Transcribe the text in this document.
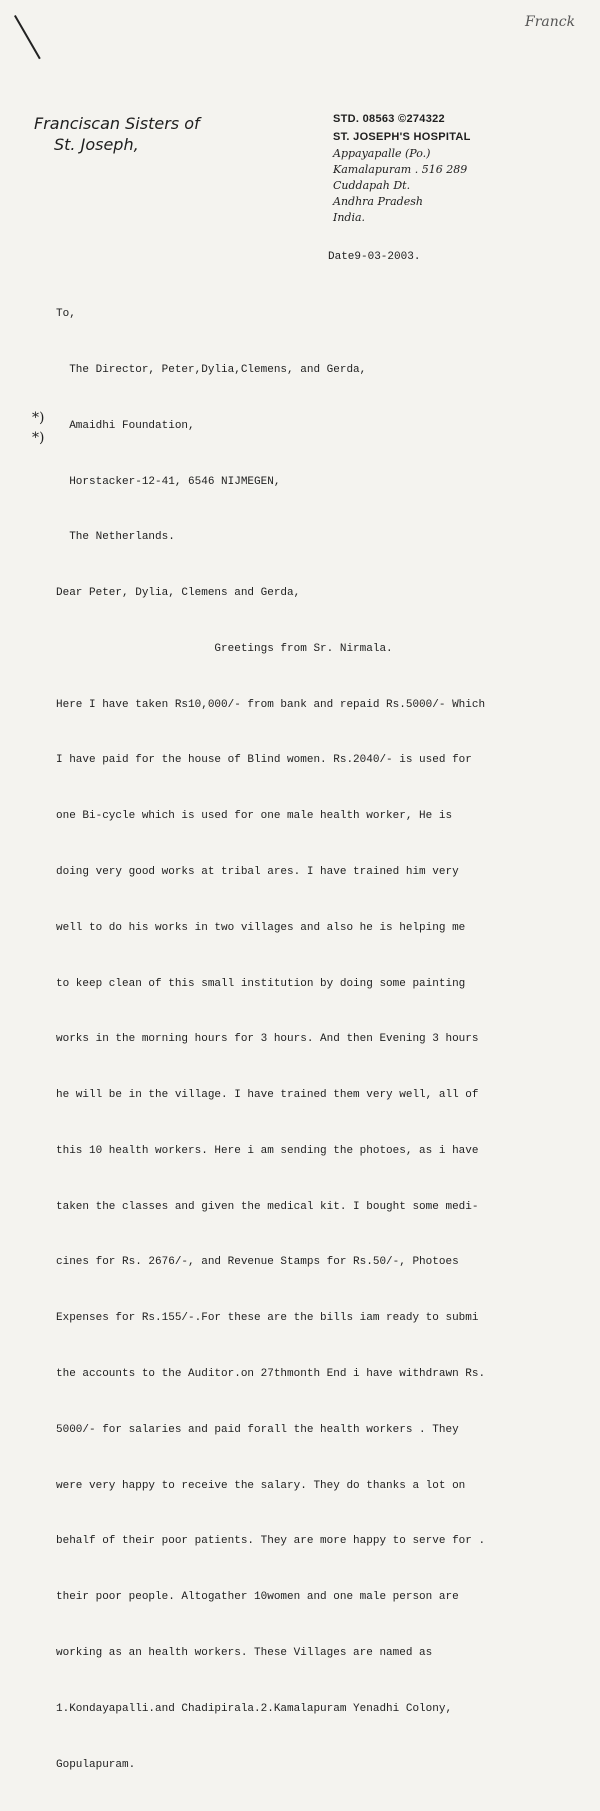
Franck
Franciscan Sisters of
St. Joseph,
STD. 08563 ©274322
ST. JOSEPH'S HOSPITAL
Appayapalle (Po.)
Kamalapuram . 516 289
Cuddapah Dt.
Andhra Pradesh
India.
Date9-03-2003.
*)
*)

To,

The Director, Peter,Dylia,Clemens, and Gerda,

Amaidhi Foundation,

Horstacker-12-41, 6546 NIJMEGEN,

The Netherlands.

Dear Peter, Dylia, Clemens and Gerda,

Greetings from Sr. Nirmala.

Here I have taken Rs10,000/- from bank and repaid Rs.5000/- Which

I have paid for the house of Blind women. Rs.2040/- is used for

one Bi-cycle which is used for one male health worker, He is

doing very good works at tribal ares. I have trained him very

well to do his works in two villages and also he is helping me

to keep clean of this small institution by doing some painting

works in the morning hours for 3 hours. And then Evening 3 hours

he will be in the village. I have trained them very well, all of

this 10 health workers. Here i am sending the photoes, as i have

taken the classes and given the medical kit. I bought some medi-

cines for Rs. 2676/-, and Revenue Stamps for Rs.50/-, Photoes

Expenses for Rs.155/-.For these are the bills iam ready to submi

the accounts to the Auditor.on 27thmonth End i have withdrawn Rs.

5000/- for salaries and paid forall the health workers . They

were very happy to receive the salary. They do thanks a lot on

behalf of their poor patients. They are more happy to serve for .

their poor people. Altogather 10women and one male person are

working as an health workers. These Villages are named as

1.Kondayapalli.and Chadipirala.2.Kamalapuram Yenadhi Colony,

Gopulapuram.
